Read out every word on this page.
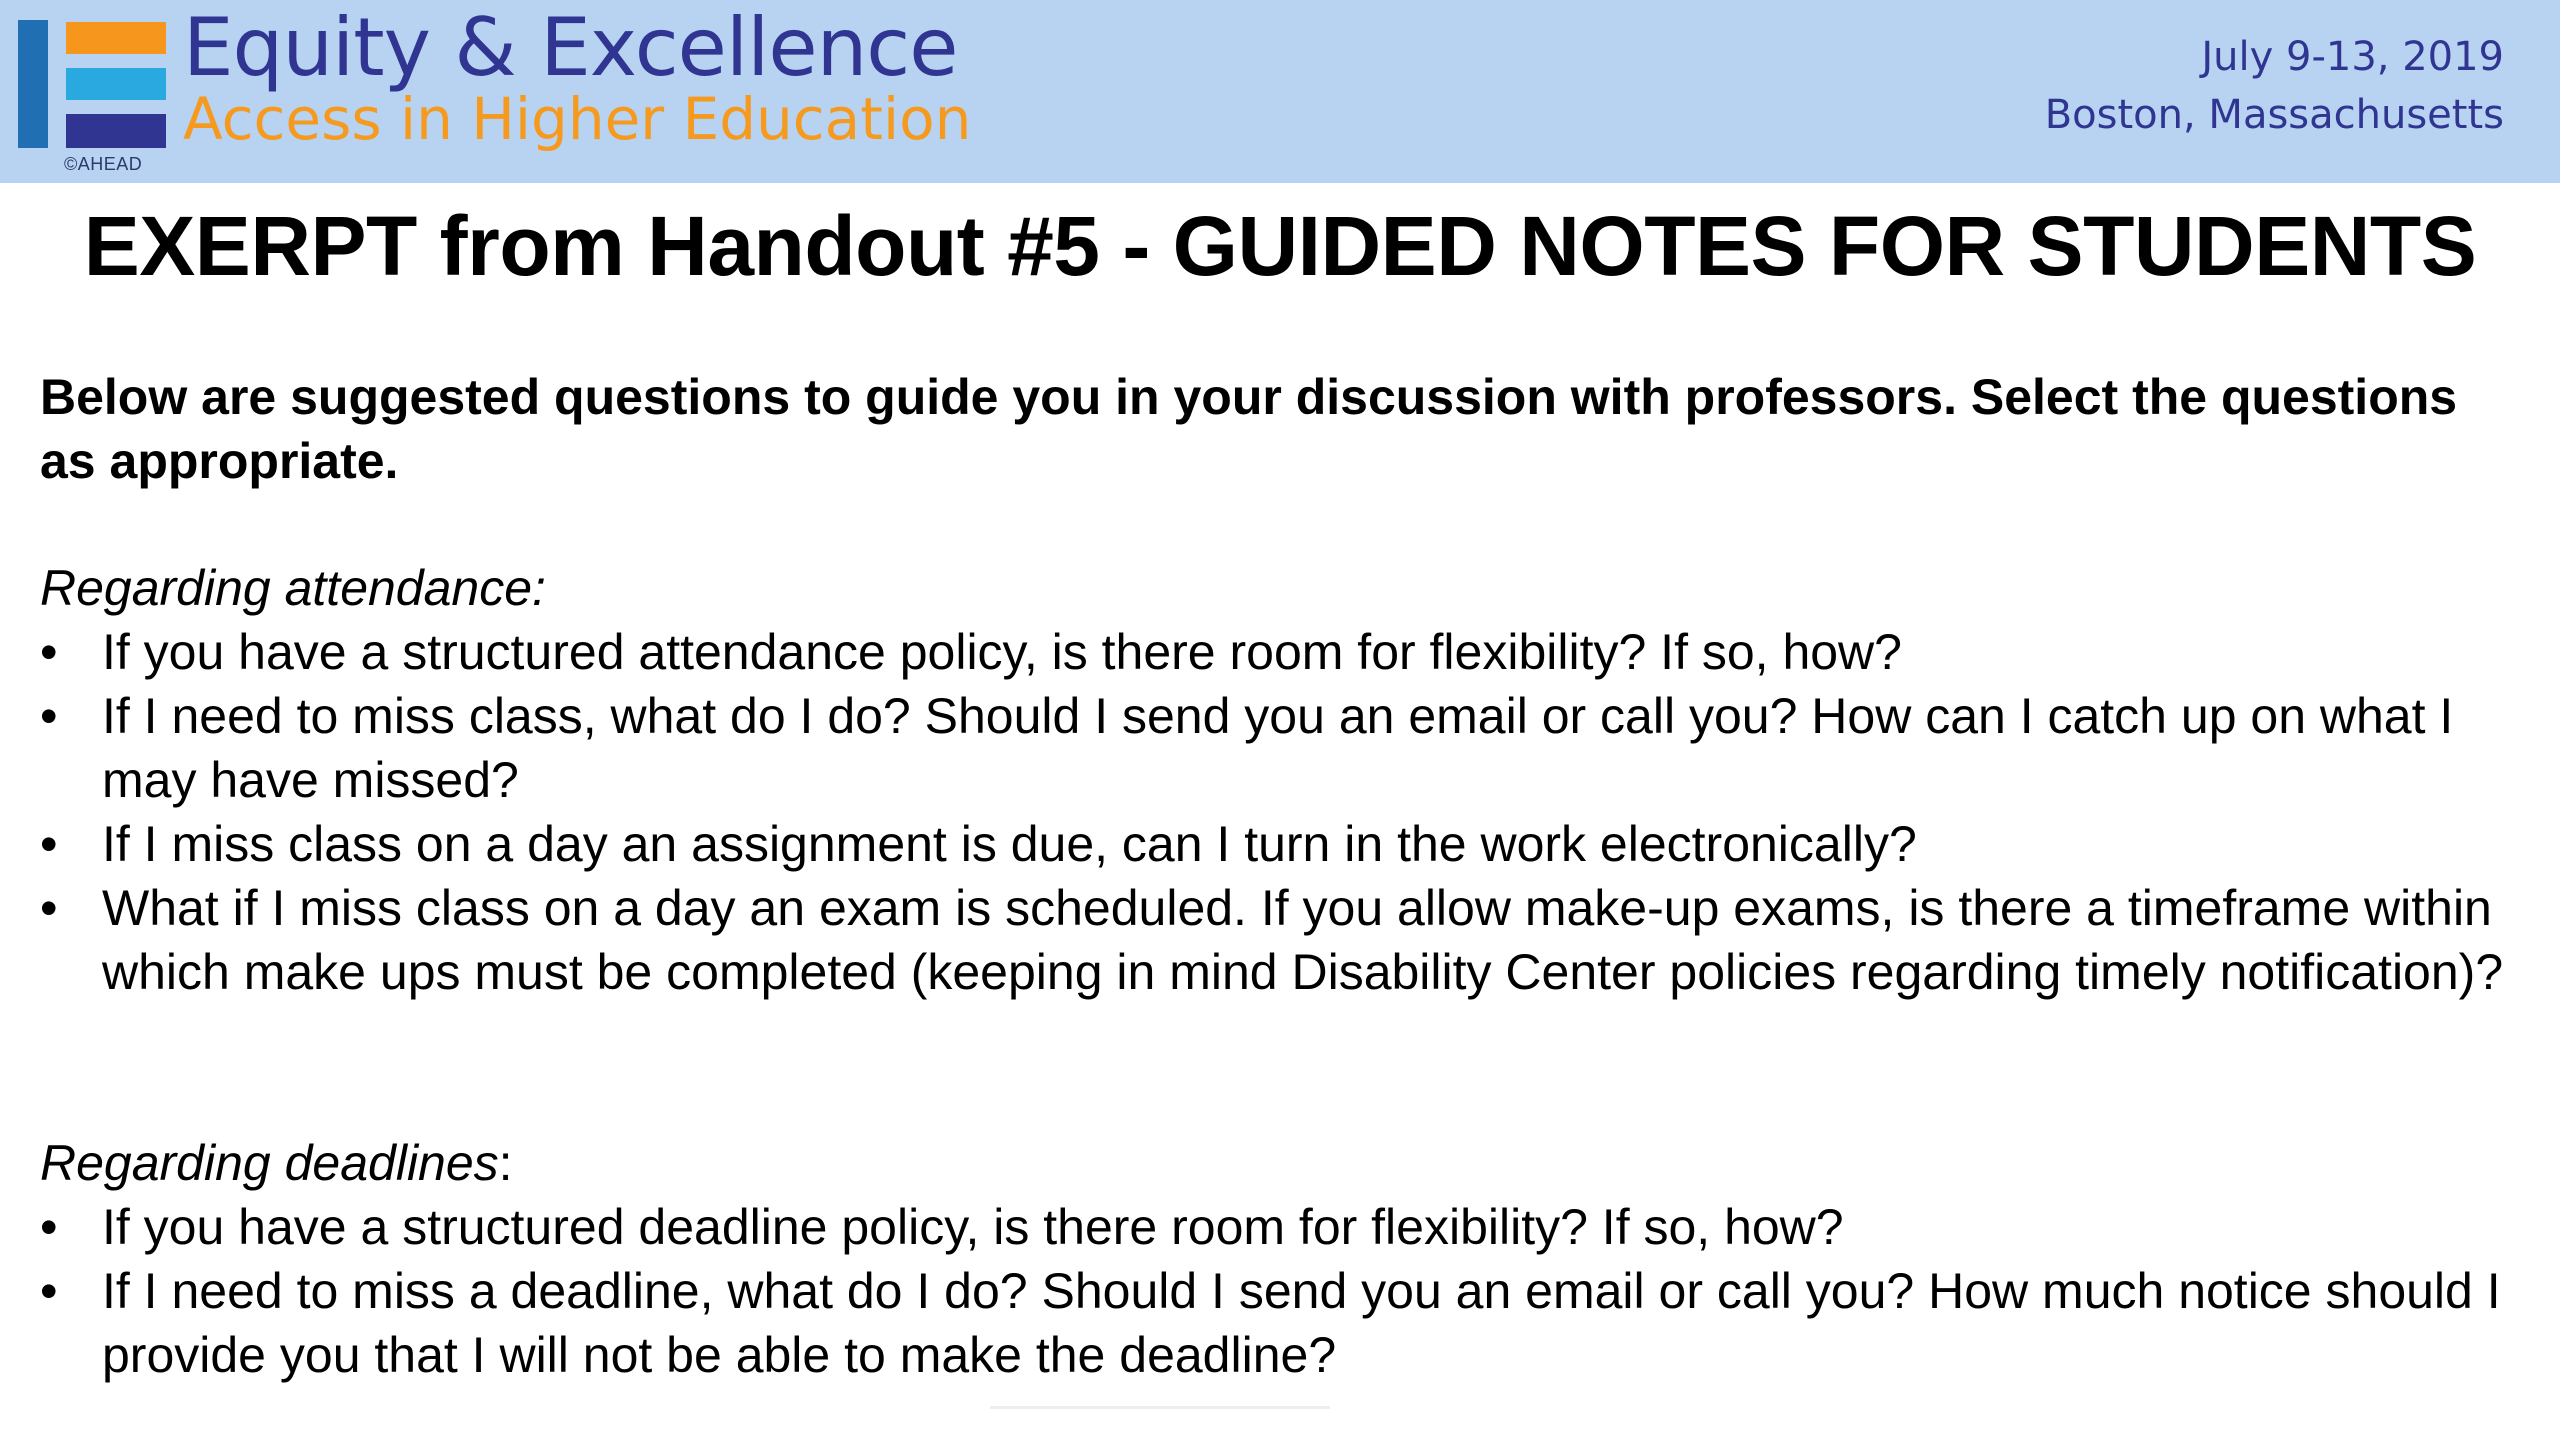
©AHEAD
Equity & Excellence
Access in Higher Education
July 9-13, 2019
Boston, Massachusetts
EXERPT from Handout #5 - GUIDED NOTES FOR STUDENTS
Below are suggested questions to guide you in your discussion with professors. Select the questions as appropriate.
Regarding attendance:
• If you have a structured attendance policy, is there room for flexibility? If so, how?
• If I need to miss class, what do I do? Should I send you an email or call you? How can I catch up on what I may have missed?
• If I miss class on a day an assignment is due, can I turn in the work electronically?
• What if I miss class on a day an exam is scheduled. If you allow make-up exams, is there a timeframe within which make ups must be completed (keeping in mind Disability Center policies regarding timely notification)?
Regarding deadlines:
• If you have a structured deadline policy, is there room for flexibility? If so, how?
• If I need to miss a deadline, what do I do? Should I send you an email or call you? How much notice should I provide you that I will not be able to make the deadline?
